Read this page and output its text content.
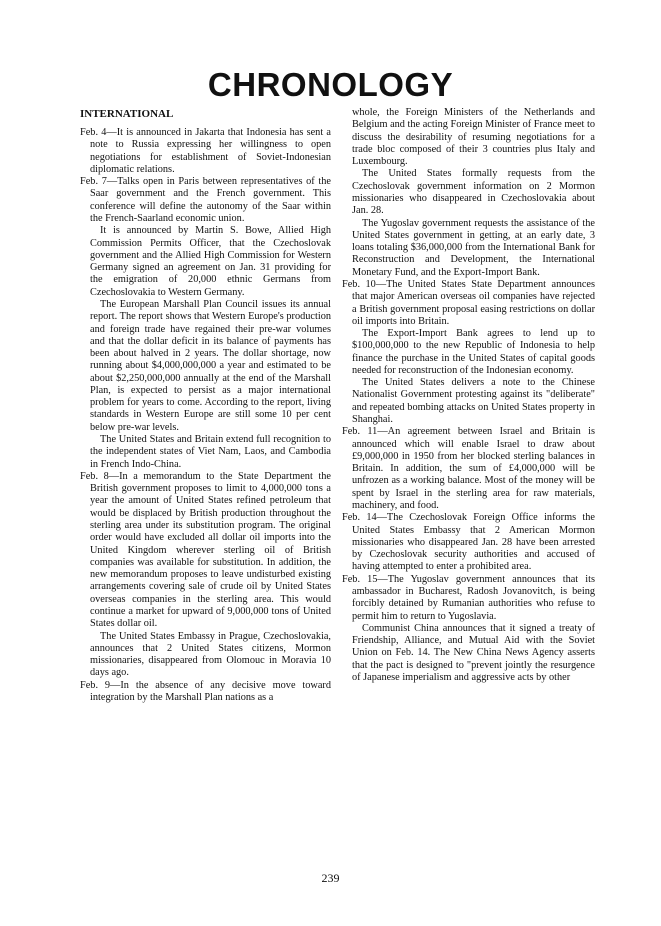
CHRONOLOGY
INTERNATIONAL

Feb. 4—It is announced in Jakarta that Indonesia has sent a note to Russia expressing her willingness to open negotiations for establishment of Soviet-Indonesian diplomatic relations.

Feb. 7—Talks open in Paris between representatives of the Saar government and the French government. This conference will define the autonomy of the Saar within the French-Saarland economic union.

It is announced by Martin S. Bowe, Allied High Commission Permits Officer, that the Czechoslovak government and the Allied High Commission for Western Germany signed an agreement on Jan. 31 providing for the emigration of 20,000 ethnic Germans from Czechoslovakia to Western Germany.

The European Marshall Plan Council issues its annual report. The report shows that Western Europe's production and foreign trade have regained their pre-war volumes and that the dollar deficit in its balance of payments has been about halved in 2 years. The dollar shortage, now running about $4,000,000,000 a year and estimated to be about $2,250,000,000 annually at the end of the Marshall Plan, is expected to persist as a major international problem for years to come. According to the report, living standards in Western Europe are still some 10 per cent below pre-war levels.

The United States and Britain extend full recognition to the independent states of Viet Nam, Laos, and Cambodia in French Indo-China.

Feb. 8—In a memorandum to the State Department the British government proposes to limit to 4,000,000 tons a year the amount of United States refined petroleum that would be displaced by British production throughout the sterling area under its substitution program. The original order would have excluded all dollar oil imports into the United Kingdom wherever sterling oil of British companies was available for substitution. In addition, the new memorandum proposes to leave undisturbed existing arrangements covering sale of crude oil by United States overseas companies in the sterling area. This would continue a market for upward of 9,000,000 tons of United States dollar oil.

The United States Embassy in Prague, Czechoslovakia, announces that 2 United States citizens, Mormon missionaries, disappeared from Olomouc in Moravia 10 days ago.

Feb. 9—In the absence of any decisive move toward integration by the Marshall Plan nations as a

whole, the Foreign Ministers of the Netherlands and Belgium and the acting Foreign Minister of France meet to discuss the desirability of resuming negotiations for a trade bloc composed of their 3 countries plus Italy and Luxembourg.

The United States formally requests from the Czechoslovak government information on 2 Mormon missionaries who disappeared in Czechoslovakia about Jan. 28.

The Yugoslav government requests the assistance of the United States government in getting, at an early date, 3 loans totaling $36,000,000 from the International Bank for Reconstruction and Development, the International Monetary Fund, and the Export-Import Bank.

Feb. 10—The United States State Department announces that major American overseas oil companies have rejected a British government proposal easing restrictions on dollar oil imports into Britain.

The Export-Import Bank agrees to lend up to $100,000,000 to the new Republic of Indonesia to help finance the purchase in the United States of capital goods needed for reconstruction of the Indonesian economy.

The United States delivers a note to the Chinese Nationalist Government protesting against its "deliberate" and repeated bombing attacks on United States property in Shanghai.

Feb. 11—An agreement between Israel and Britain is announced which will enable Israel to draw about £9,000,000 in 1950 from her blocked sterling balances in Britain. In addition, the sum of £4,000,000 will be unfrozen as a working balance. Most of the money will be spent by Israel in the sterling area for raw materials, machinery, and food.

Feb. 14—The Czechoslovak Foreign Office informs the United States Embassy that 2 American Mormon missionaries who disappeared Jan. 28 have been arrested by Czechoslovak security authorities and accused of having attempted to enter a prohibited area.

Feb. 15—The Yugoslav government announces that its ambassador in Bucharest, Radosh Jovanovitch, is being forcibly detained by Rumanian authorities who refuse to permit him to return to Yugoslavia.

Communist China announces that it signed a treaty of Friendship, Alliance, and Mutual Aid with the Soviet Union on Feb. 14. The New China News Agency asserts that the pact is designed to "prevent jointly the resurgence of Japanese imperialism and aggressive acts by other

239
